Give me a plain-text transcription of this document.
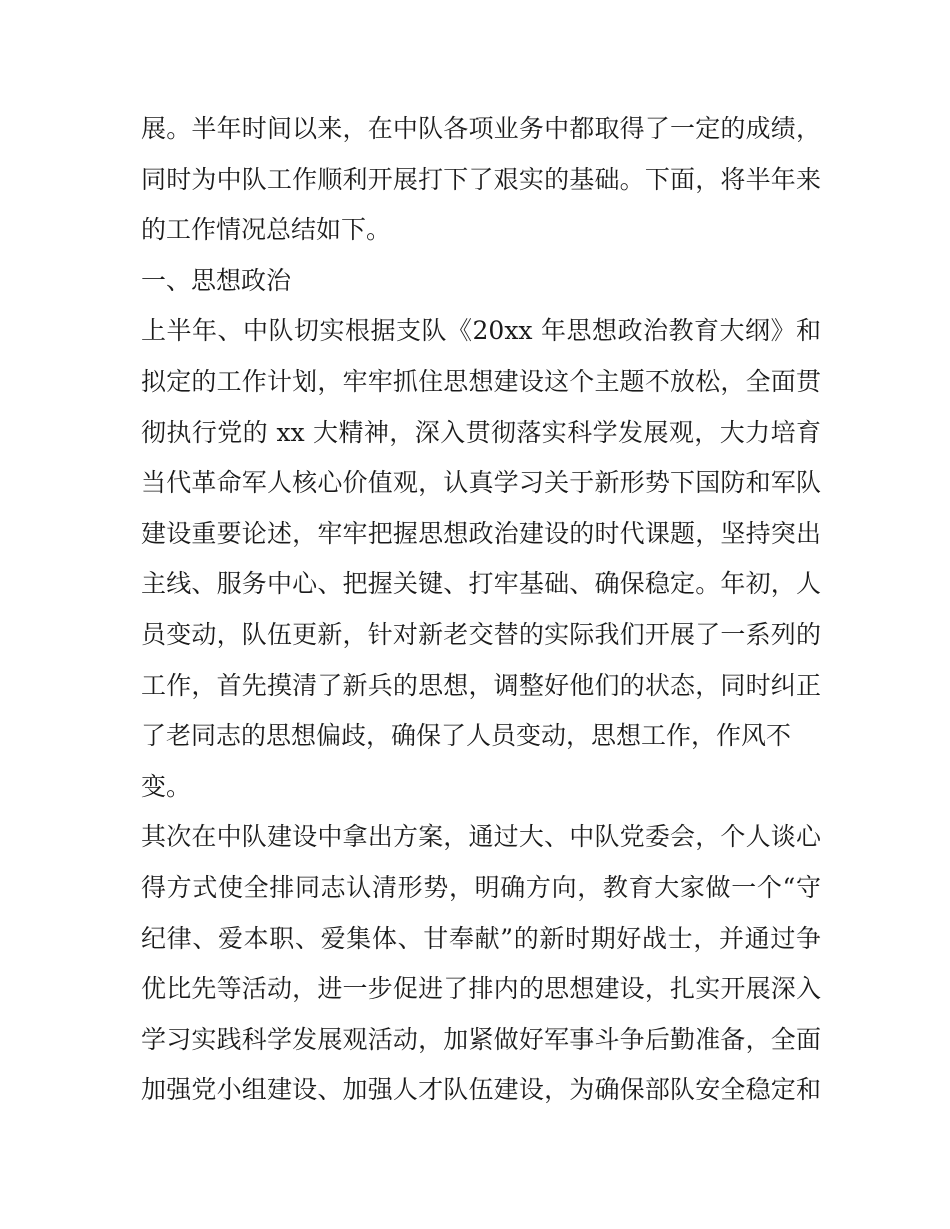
展。半年时间以来，在中队各项业务中都取得了一定的成绩，
同时为中队工作顺利开展打下了艰实的基础。下面，将半年来
的工作情况总结如下。
一、思想政治
上半年、中队切实根据支队《20xx 年思想政治教育大纲》和
拟定的工作计划，牢牢抓住思想建设这个主题不放松，全面贯
彻执行党的 xx 大精神，深入贯彻落实科学发展观，大力培育
当代革命军人核心价值观，认真学习关于新形势下国防和军队
建设重要论述，牢牢把握思想政治建设的时代课题，坚持突出
主线、服务中心、把握关键、打牢基础、确保稳定。年初，人
员变动，队伍更新，针对新老交替的实际我们开展了一系列的
工作，首先摸清了新兵的思想，调整好他们的状态，同时纠正
了老同志的思想偏歧，确保了人员变动，思想工作，作风不
变。
其次在中队建设中拿出方案，通过大、中队党委会，个人谈心
得方式使全排同志认清形势，明确方向，教育大家做一个“守
纪律、爱本职、爱集体、甘奉献”的新时期好战士，并通过争
优比先等活动，进一步促进了排内的思想建设，扎实开展深入
学习实践科学发展观活动，加紧做好军事斗争后勤准备，全面
加强党小组建设、加强人才队伍建设，为确保部队安全稳定和
